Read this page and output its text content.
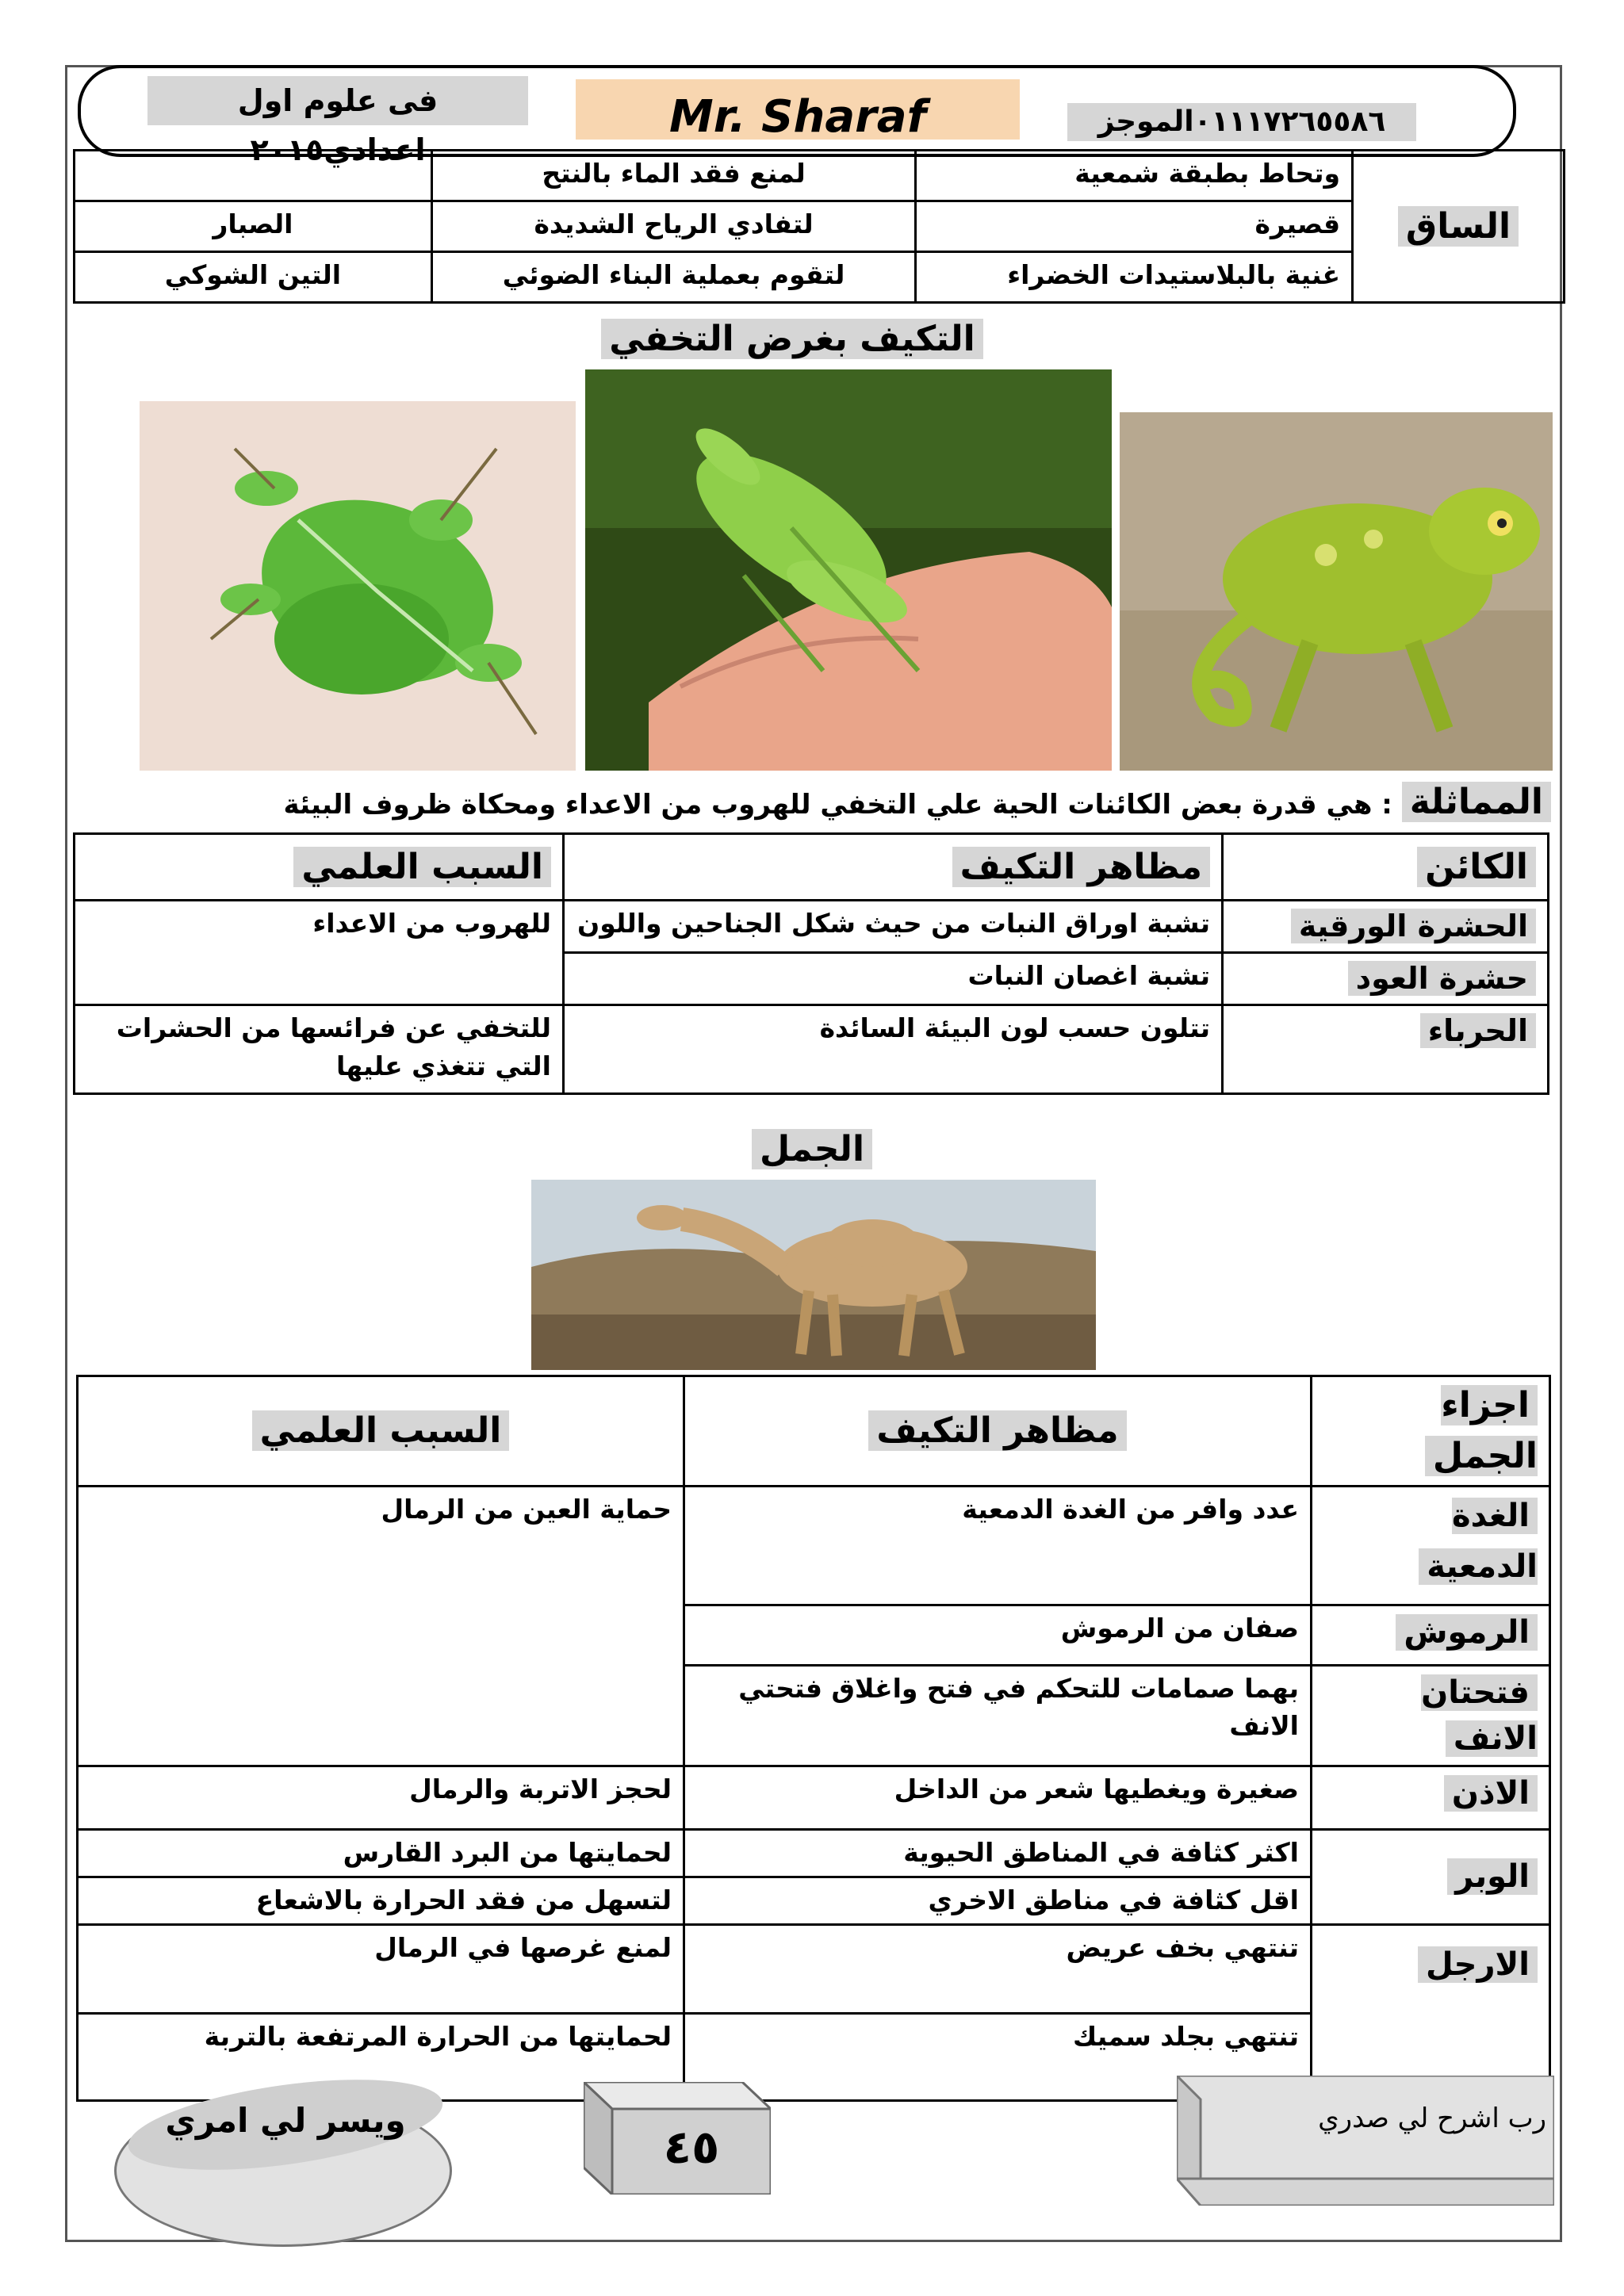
فى علوم اول اعدادي٢٠١٥
Mr. Sharaf	٠١١١٧٢٦٥٥٨٦الموجز
الساق	وتحاط بطبقة شمعية	لمنع فقد الماء بالنتح	
	قصيرة	لتفادي الرياح الشديدة	الصبار
	غنية بالبلاستيدات الخضراء	لتقوم بعملية البناء الضوئي	التين الشوكي
التكيف بغرض التخفي
المماثلة : هي قدرة بعض الكائنات الحية علي التخفي للهروب من الاعداء ومحكاة ظروف البيئة
الكائن	مظاهر التكيف	السبب العلمي
الحشرة الورقية	تشبة اوراق النبات من حيث شكل الجناحين واللون	للهروب من الاعداء
حشرة العود	تشبة اغصان النبات	
الحرباء	تتلون حسب لون البيئة السائدة	للتخفي عن فرائسها من الحشرات التي تتغذي عليها
الجمل
اجزاء الجمل	مظاهر التكيف	السبب العلمي
الغدة الدمعية	عدد وافر من الغدة الدمعية	حماية العين من الرمال
الرموش	صفان من الرموش	
فتحتان الانف	بهما صمامات للتحكم في فتح واغلاق فتحتي الانف	
الاذن	صغيرة ويغطيها شعر من الداخل	لحجز الاتربة والرمال
الوبر	اكثر كثافة في المناطق الحيوية	لحمايتها من البرد القارس
	اقل كثافة في مناطق الاخري	لتسهل من فقد الحرارة بالاشعاع
الارجل	تنتهي بخف عريض	لمنع غرصها في الرمال
	تنتهي بجلد سميك	لحمايتها من الحرارة المرتفعة بالتربة
ويسر لي امري	٤٥
رب اشرح لي صدري
